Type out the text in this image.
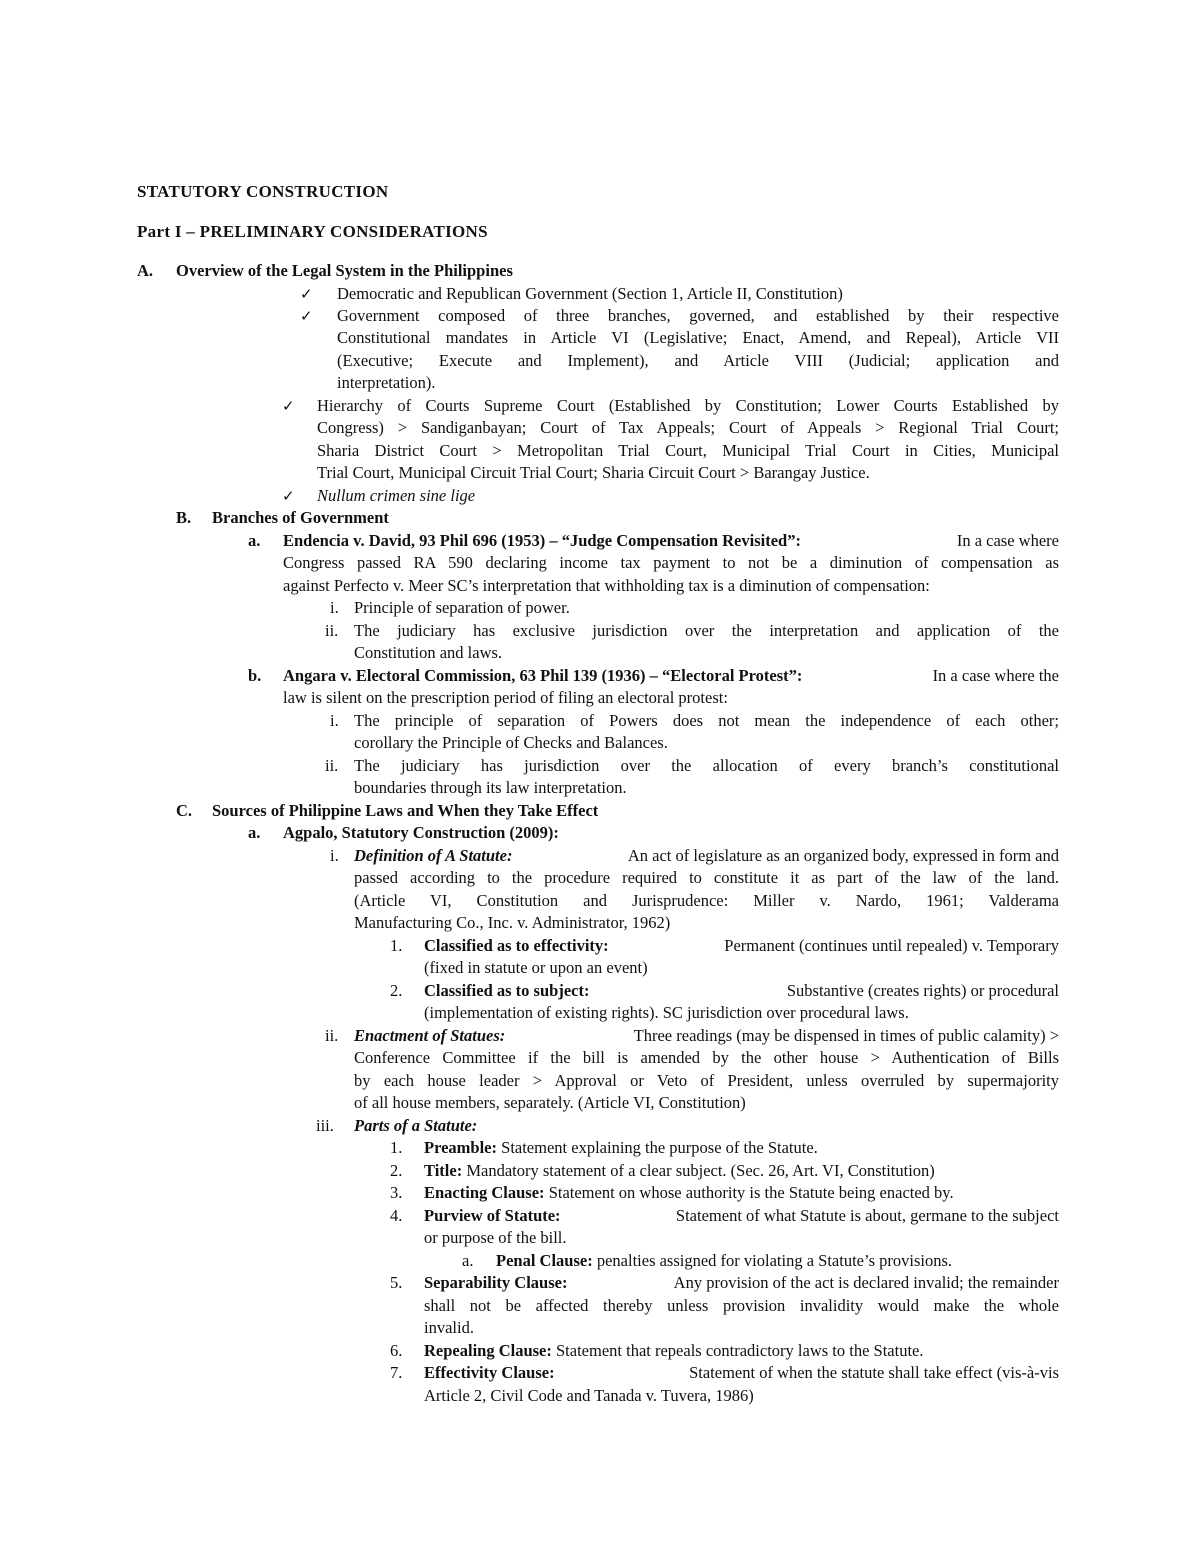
STATUTORY CONSTRUCTION
Part I – PRELIMINARY CONSIDERATIONS
A. Overview of the Legal System in the Philippines
✓ Democratic and Republican Government (Section 1, Article II, Constitution)
✓ Government composed of three branches, governed, and established by their respective
Constitutional mandates in Article VI (Legislative; Enact, Amend, and Repeal), Article VII
(Executive; Execute and Implement), and Article VIII (Judicial; application and
interpretation).
✓ Hierarchy of Courts Supreme Court (Established by Constitution; Lower Courts Established by
Congress) > Sandiganbayan; Court of Tax Appeals; Court of Appeals > Regional Trial Court;
Sharia District Court > Metropolitan Trial Court, Municipal Trial Court in Cities, Municipal
Trial Court, Municipal Circuit Trial Court; Sharia Circuit Court > Barangay Justice.
✓ Nullum crimen sine lige
B. Branches of Government
a. Endencia v. David, 93 Phil 696 (1953) – “Judge Compensation Revisited”:	In a case where
Congress passed RA 590 declaring income tax payment to not be a diminution of compensation as
against Perfecto v. Meer SC’s interpretation that withholding tax is a diminution of compensation:
i. Principle of separation of power.
ii. The judiciary has exclusive jurisdiction over the interpretation and application of the
Constitution and laws.
b. Angara v. Electoral Commission, 63 Phil 139 (1936) – “Electoral Protest”:	In a case where the
law is silent on the prescription period of filing an electoral protest:
i. The principle of separation of Powers does not mean the independence of each other;
corollary the Principle of Checks and Balances.
ii. The judiciary has jurisdiction over the allocation of every branch’s constitutional
boundaries through its law interpretation.
C. Sources of Philippine Laws and When they Take Effect
a. Agpalo, Statutory Construction (2009):
i. Definition of A Statute:	An act of legislature as an organized body, expressed in form and
passed according to the procedure required to constitute it as part of the law of the land.
(Article VI, Constitution and Jurisprudence: Miller v. Nardo, 1961; Valderama
Manufacturing Co., Inc. v. Administrator, 1962)
1. Classified as to effectivity:	Permanent (continues until repealed) v. Temporary
(fixed in statute or upon an event)
2. Classified as to subject:	Substantive (creates rights) or procedural
(implementation of existing rights). SC jurisdiction over procedural laws.
ii. Enactment of Statues:	Three readings (may be dispensed in times of public calamity) >
Conference Committee if the bill is amended by the other house > Authentication of Bills
by each house leader > Approval or Veto of President, unless overruled by supermajority
of all house members, separately. (Article VI, Constitution)
iii. Parts of a Statute:
1. Preamble: Statement explaining the purpose of the Statute.
2. Title: Mandatory statement of a clear subject. (Sec. 26, Art. VI, Constitution)
3. Enacting Clause: Statement on whose authority is the Statute being enacted by.
4. Purview of Statute:	Statement of what Statute is about, germane to the subject
or purpose of the bill.
a. Penal Clause: penalties assigned for violating a Statute’s provisions.
5. Separability Clause:	Any provision of the act is declared invalid; the remainder
shall not be affected thereby unless provision invalidity would make the whole
invalid.
6. Repealing Clause: Statement that repeals contradictory laws to the Statute.
7. Effectivity Clause:	Statement of when the statute shall take effect (vis-à-vis
Article 2, Civil Code and Tanada v. Tuvera, 1986)
